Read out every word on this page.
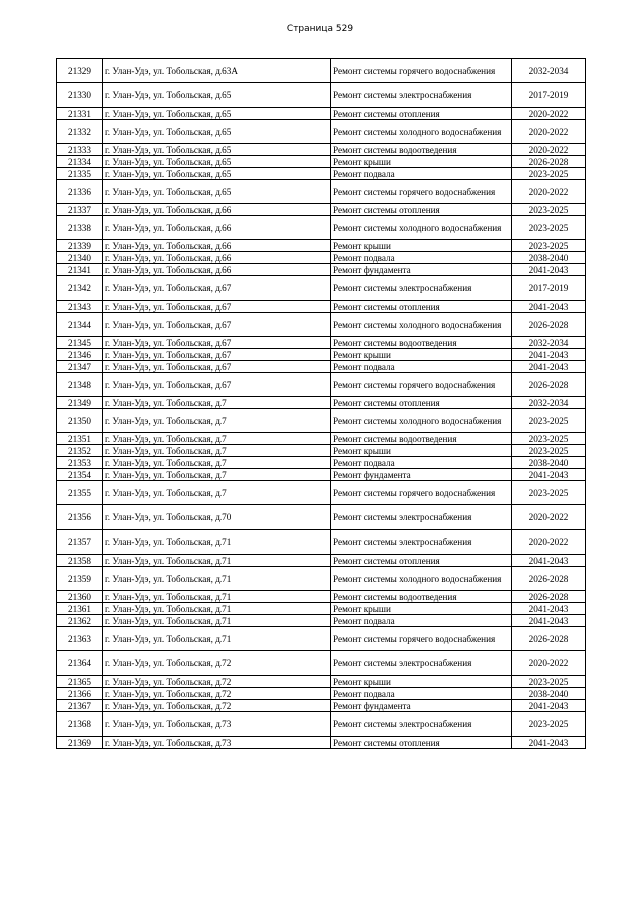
Страница 529
21329	г. Улан-Удэ, ул. Тобольская, д.63А	Ремонт системы горячего водоснабжения	2032-2034
21330	г. Улан-Удэ, ул. Тобольская, д.65	Ремонт системы электроснабжения	2017-2019
21331	г. Улан-Удэ, ул. Тобольская, д.65	Ремонт системы отопления	2020-2022
21332	г. Улан-Удэ, ул. Тобольская, д.65	Ремонт системы холодного водоснабжения	2020-2022
21333	г. Улан-Удэ, ул. Тобольская, д.65	Ремонт системы водоотведения	2020-2022
21334	г. Улан-Удэ, ул. Тобольская, д.65	Ремонт крыши	2026-2028
21335	г. Улан-Удэ, ул. Тобольская, д.65	Ремонт подвала	2023-2025
21336	г. Улан-Удэ, ул. Тобольская, д.65	Ремонт системы горячего водоснабжения	2020-2022
21337	г. Улан-Удэ, ул. Тобольская, д.66	Ремонт системы отопления	2023-2025
21338	г. Улан-Удэ, ул. Тобольская, д.66	Ремонт системы холодного водоснабжения	2023-2025
21339	г. Улан-Удэ, ул. Тобольская, д.66	Ремонт крыши	2023-2025
21340	г. Улан-Удэ, ул. Тобольская, д.66	Ремонт подвала	2038-2040
21341	г. Улан-Удэ, ул. Тобольская, д.66	Ремонт фундамента	2041-2043
21342	г. Улан-Удэ, ул. Тобольская, д.67	Ремонт системы электроснабжения	2017-2019
21343	г. Улан-Удэ, ул. Тобольская, д.67	Ремонт системы отопления	2041-2043
21344	г. Улан-Удэ, ул. Тобольская, д.67	Ремонт системы холодного водоснабжения	2026-2028
21345	г. Улан-Удэ, ул. Тобольская, д.67	Ремонт системы водоотведения	2032-2034
21346	г. Улан-Удэ, ул. Тобольская, д.67	Ремонт крыши	2041-2043
21347	г. Улан-Удэ, ул. Тобольская, д.67	Ремонт подвала	2041-2043
21348	г. Улан-Удэ, ул. Тобольская, д.67	Ремонт системы горячего водоснабжения	2026-2028
21349	г. Улан-Удэ, ул. Тобольская, д.7	Ремонт системы отопления	2032-2034
21350	г. Улан-Удэ, ул. Тобольская, д.7	Ремонт системы холодного водоснабжения	2023-2025
21351	г. Улан-Удэ, ул. Тобольская, д.7	Ремонт системы водоотведения	2023-2025
21352	г. Улан-Удэ, ул. Тобольская, д.7	Ремонт крыши	2023-2025
21353	г. Улан-Удэ, ул. Тобольская, д.7	Ремонт подвала	2038-2040
21354	г. Улан-Удэ, ул. Тобольская, д.7	Ремонт фундамента	2041-2043
21355	г. Улан-Удэ, ул. Тобольская, д.7	Ремонт системы горячего водоснабжения	2023-2025
21356	г. Улан-Удэ, ул. Тобольская, д.70	Ремонт системы электроснабжения	2020-2022
21357	г. Улан-Удэ, ул. Тобольская, д.71	Ремонт системы электроснабжения	2020-2022
21358	г. Улан-Удэ, ул. Тобольская, д.71	Ремонт системы отопления	2041-2043
21359	г. Улан-Удэ, ул. Тобольская, д.71	Ремонт системы холодного водоснабжения	2026-2028
21360	г. Улан-Удэ, ул. Тобольская, д.71	Ремонт системы водоотведения	2026-2028
21361	г. Улан-Удэ, ул. Тобольская, д.71	Ремонт крыши	2041-2043
21362	г. Улан-Удэ, ул. Тобольская, д.71	Ремонт подвала	2041-2043
21363	г. Улан-Удэ, ул. Тобольская, д.71	Ремонт системы горячего водоснабжения	2026-2028
21364	г. Улан-Удэ, ул. Тобольская, д.72	Ремонт системы электроснабжения	2020-2022
21365	г. Улан-Удэ, ул. Тобольская, д.72	Ремонт крыши	2023-2025
21366	г. Улан-Удэ, ул. Тобольская, д.72	Ремонт подвала	2038-2040
21367	г. Улан-Удэ, ул. Тобольская, д.72	Ремонт фундамента	2041-2043
21368	г. Улан-Удэ, ул. Тобольская, д.73	Ремонт системы электроснабжения	2023-2025
21369	г. Улан-Удэ, ул. Тобольская, д.73	Ремонт системы отопления	2041-2043
